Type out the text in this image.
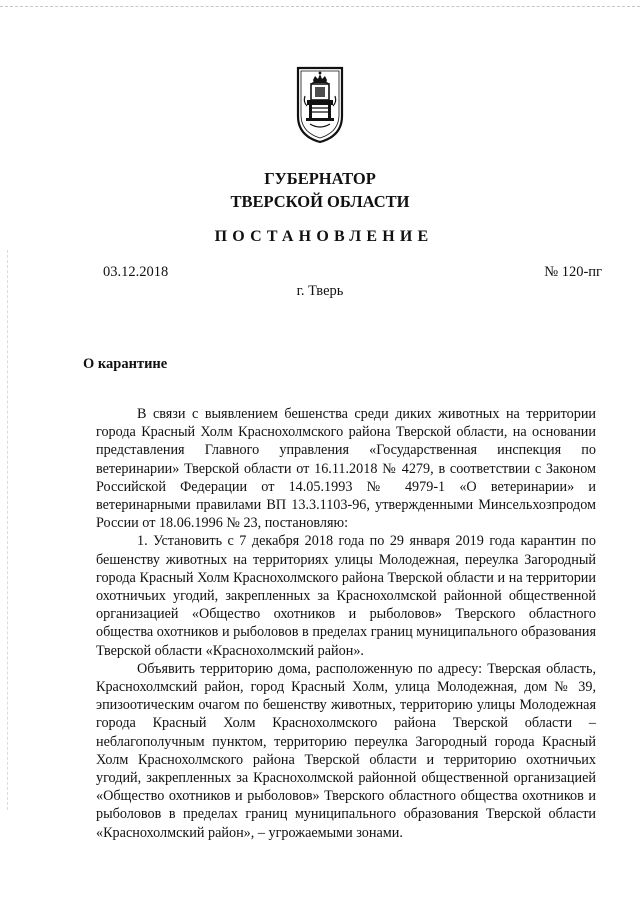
ГУБЕРНАТОР
ТВЕРСКОЙ ОБЛАСТИ
ПОСТАНОВЛЕНИЕ
03.12.2018	№ 120-пг
г. Тверь
О карантине

В связи с выявлением бешенства среди диких животных на территории города Красный Холм Краснохолмского района Тверской области, на основании представления Главного управления «Государственная инспекция по ветеринарии» Тверской области от 16.11.2018 № 4279, в соответствии с Законом Российской Федерации от 14.05.1993 № 4979-1 «О ветеринарии» и ветеринарными правилами ВП 13.3.1103-96, утвержденными Минсельхозпродом России от 18.06.1996 № 23, постановляю:

1. Установить с 7 декабря 2018 года по 29 января 2019 года карантин по бешенству животных на территориях улицы Молодежная, переулка Загородный города Красный Холм Краснохолмского района Тверской области и на территории охотничьих угодий, закрепленных за Краснохолмской районной общественной организацией «Общество охотников и рыболовов» Тверского областного общества охотников и рыболовов в пределах границ муниципального образования Тверской области «Краснохолмский район».

Объявить территорию дома, расположенную по адресу: Тверская область, Краснохолмский район, город Красный Холм, улица Молодежная, дом № 39, эпизоотическим очагом по бешенству животных, территорию улицы Молодежная города Красный Холм Краснохолмского района Тверской области – неблагополучным пунктом, территорию переулка Загородный города Красный Холм Краснохолмского района Тверской области и территорию охотничьих угодий, закрепленных за Краснохолмской районной общественной организацией «Общество охотников и рыболовов» Тверского областного общества охотников и рыболовов в пределах границ муниципального образования Тверской области «Краснохолмский район», – угрожаемыми зонами.
